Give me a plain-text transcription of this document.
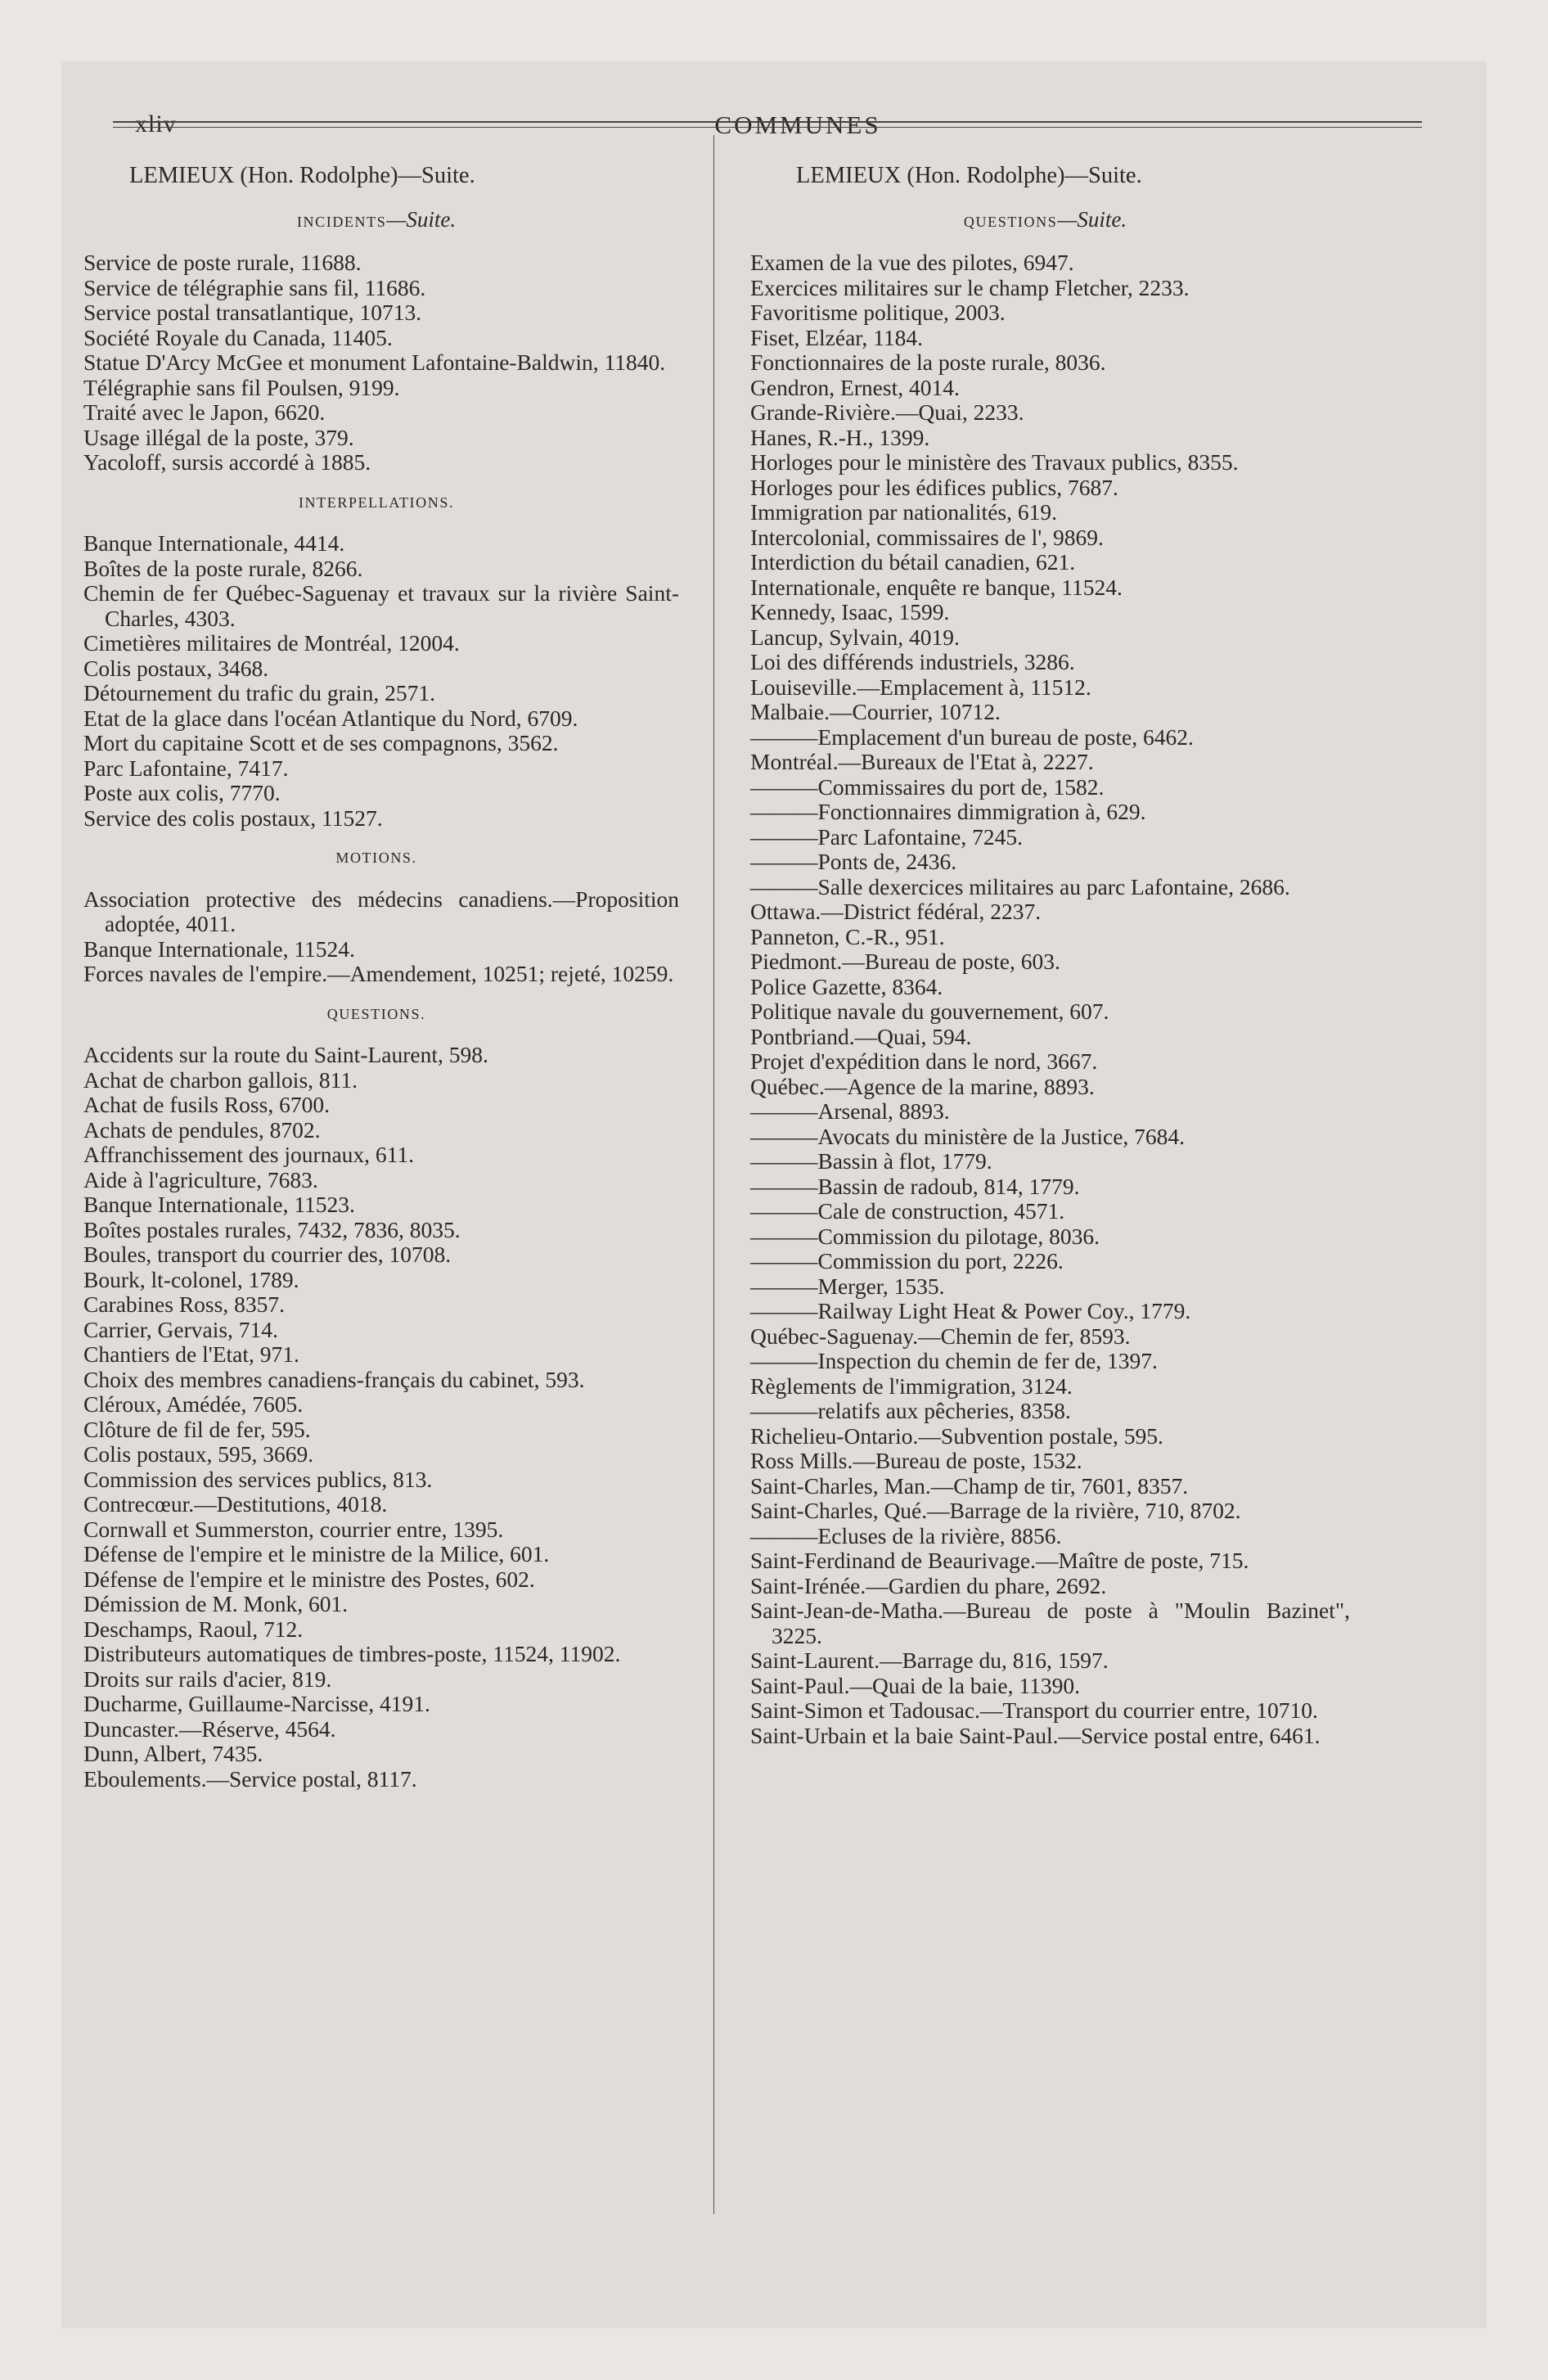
xliv	COMMUNES
LEMIEUX (Hon. Rodolphe)—Suite.
INCIDENTS—Suite.
Service de poste rurale, 11688.
Service de télégraphie sans fil, 11686.
Service postal transatlantique, 10713.
Société Royale du Canada, 11405.
Statue D'Arcy McGee et monument Lafontaine-Baldwin, 11840.
Télégraphie sans fil Poulsen, 9199.
Traité avec le Japon, 6620.
Usage illégal de la poste, 379.
Yacoloff, sursis accordé à 1885.
INTERPELLATIONS.
Banque Internationale, 4414.
Boîtes de la poste rurale, 8266.
Chemin de fer Québec-Saguenay et travaux sur la rivière Saint-Charles, 4303.
Cimetières militaires de Montréal, 12004.
Colis postaux, 3468.
Détournement du trafic du grain, 2571.
Etat de la glace dans l'océan Atlantique du Nord, 6709.
Mort du capitaine Scott et de ses compagnons, 3562.
Parc Lafontaine, 7417.
Poste aux colis, 7770.
Service des colis postaux, 11527.
MOTIONS.
Association protective des médecins canadiens.—Proposition adoptée, 4011.
Banque Internationale, 11524.
Forces navales de l'empire.—Amendement, 10251; rejeté, 10259.
QUESTIONS.
Accidents sur la route du Saint-Laurent, 598.
Achat de charbon gallois, 811.
Achat de fusils Ross, 6700.
Achats de pendules, 8702.
Affranchissement des journaux, 611.
Aide à l'agriculture, 7683.
Banque Internationale, 11523.
Boîtes postales rurales, 7432, 7836, 8035.
Boules, transport du courrier des, 10708.
Bourk, lt-colonel, 1789.
Carabines Ross, 8357.
Carrier, Gervais, 714.
Chantiers de l'Etat, 971.
Choix des membres canadiens-français du cabinet, 593.
Cléroux, Amédée, 7605.
Clôture de fil de fer, 595.
Colis postaux, 595, 3669.
Commission des services publics, 813.
Contrecœur.—Destitutions, 4018.
Cornwall et Summerston, courrier entre, 1395.
Défense de l'empire et le ministre de la Milice, 601.
Défense de l'empire et le ministre des Postes, 602.
Démission de M. Monk, 601.
Deschamps, Raoul, 712.
Distributeurs automatiques de timbres-poste, 11524, 11902.
Droits sur rails d'acier, 819.
Ducharme, Guillaume-Narcisse, 4191.
Duncaster.—Réserve, 4564.
Dunn, Albert, 7435.
Eboulements.—Service postal, 8117.
LEMIEUX (Hon. Rodolphe)—Suite.
QUESTIONS—Suite.
Examen de la vue des pilotes, 6947.
Exercices militaires sur le champ Fletcher, 2233.
Favoritisme politique, 2003.
Fiset, Elzéar, 1184.
Fonctionnaires de la poste rurale, 8036.
Gendron, Ernest, 4014.
Grande-Rivière.—Quai, 2233.
Hanes, R.-H., 1399.
Horloges pour le ministère des Travaux publics, 8355.
Horloges pour les édifices publics, 7687.
Immigration par nationalités, 619.
Intercolonial, commissaires de l', 9869.
Interdiction du bétail canadien, 621.
Internationale, enquête re banque, 11524.
Kennedy, Isaac, 1599.
Lancup, Sylvain, 4019.
Loi des différends industriels, 3286.
Louiseville.—Emplacement à, 11512.
Malbaie.—Courrier, 10712.
———Emplacement d'un bureau de poste, 6462.
Montréal.—Bureaux de l'Etat à, 2227.
———Commissaires du port de, 1582.
———Fonctionnaires dimmigration à, 629.
———Parc Lafontaine, 7245.
———Ponts de, 2436.
———Salle dexercices militaires au parc Lafontaine, 2686.
Ottawa.—District fédéral, 2237.
Panneton, C.-R., 951.
Piedmont.—Bureau de poste, 603.
Police Gazette, 8364.
Politique navale du gouvernement, 607.
Pontbriand.—Quai, 594.
Projet d'expédition dans le nord, 3667.
Québec.—Agence de la marine, 8893.
———Arsenal, 8893.
———Avocats du ministère de la Justice, 7684.
———Bassin à flot, 1779.
———Bassin de radoub, 814, 1779.
———Cale de construction, 4571.
———Commission du pilotage, 8036.
———Commission du port, 2226.
———Merger, 1535.
———Railway Light Heat & Power Coy., 1779.
Québec-Saguenay.—Chemin de fer, 8593.
———Inspection du chemin de fer de, 1397.
Règlements de l'immigration, 3124.
———relatifs aux pêcheries, 8358.
Richelieu-Ontario.—Subvention postale, 595.
Ross Mills.—Bureau de poste, 1532.
Saint-Charles, Man.—Champ de tir, 7601, 8357.
Saint-Charles, Qué.—Barrage de la rivière, 710, 8702.
———Ecluses de la rivière, 8856.
Saint-Ferdinand de Beaurivage.—Maître de poste, 715.
Saint-Irénée.—Gardien du phare, 2692.
Saint-Jean-de-Matha.—Bureau de poste à "Moulin Bazinet", 3225.
Saint-Laurent.—Barrage du, 816, 1597.
Saint-Paul.—Quai de la baie, 11390.
Saint-Simon et Tadousac.—Transport du courrier entre, 10710.
Saint-Urbain et la baie Saint-Paul.—Service postal entre, 6461.
